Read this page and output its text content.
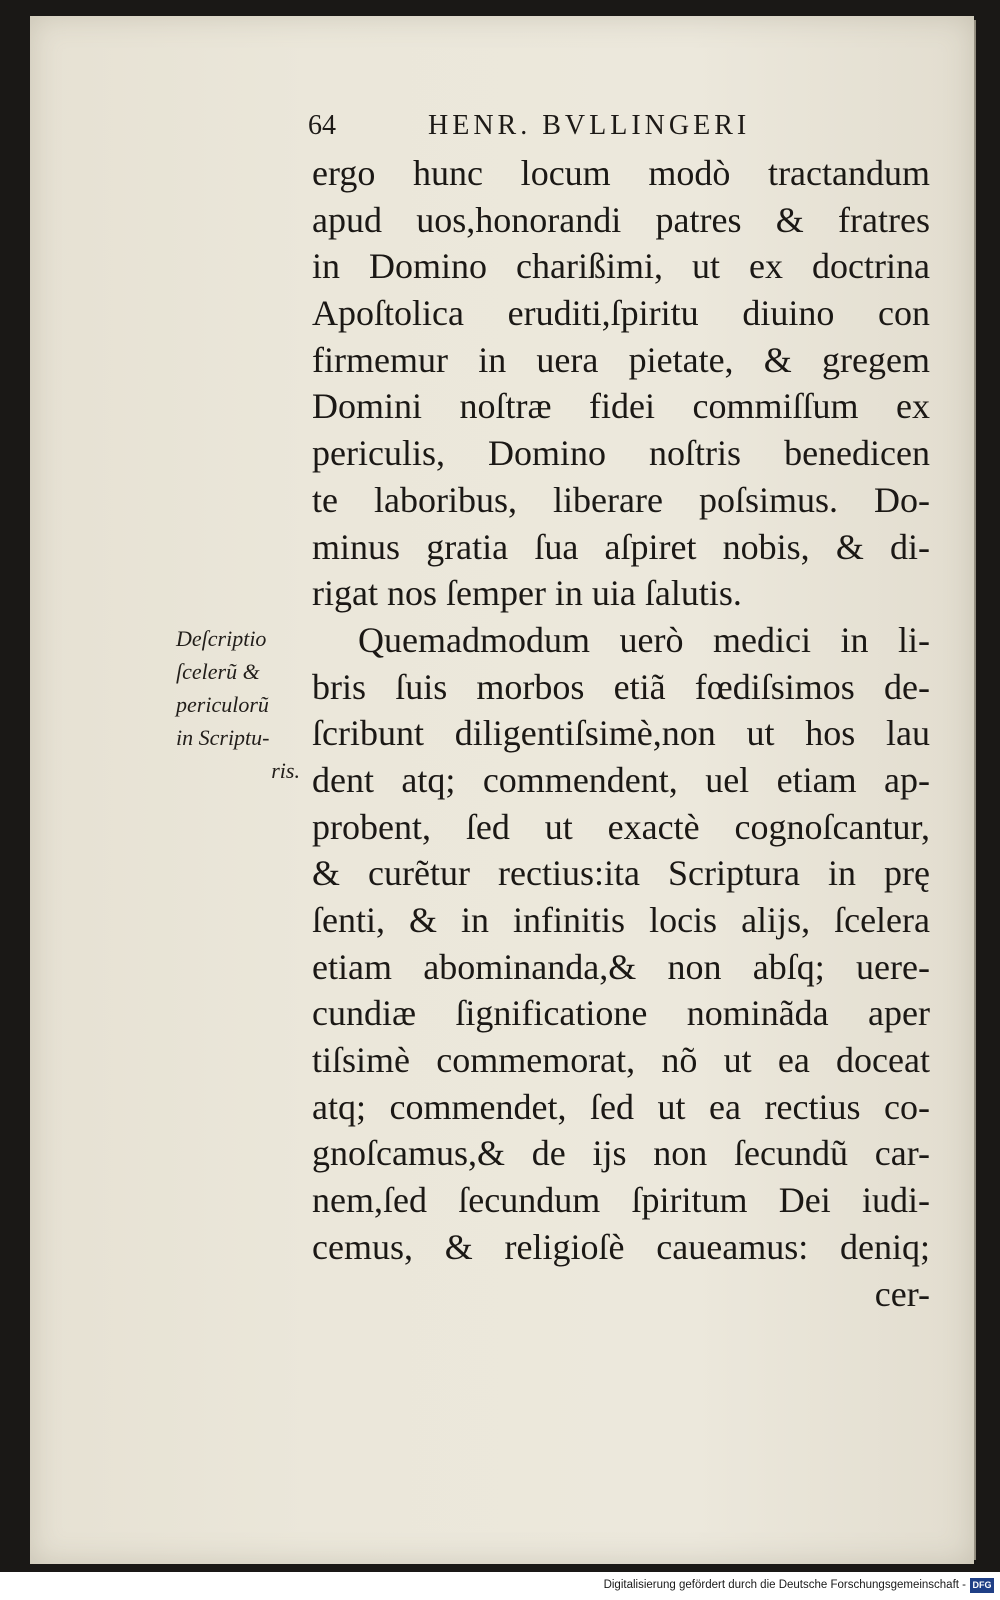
64	HENR. BVLLINGERI
ergo hunc locum modò tractandum
apud uos,honorandi patres & fratres
in Domino charißimi, ut ex doctrina
Apoſtolica eruditi,ſpiritu diuino con
firmemur in uera pietate, & gregem
Domini noſtræ fidei commiſſum ex
periculis, Domino noſtris benedicen
te laboribus, liberare poſsimus. Do-
minus gratia ſua aſpiret nobis, & di-
rigat nos ſemper in uia ſalutis.
Quemadmodum uerò medici in li-
bris ſuis morbos etiã fœdiſsimos de-
ſcribunt diligentiſsimè,non ut hos lau
dent atq; commendent, uel etiam ap-
probent, ſed ut exactè cognoſcantur,
& curẽtur rectius:ita Scriptura in prę
ſenti, & in infinitis locis alijs, ſcelera
etiam abominanda,& non abſq; uere-
cundiæ ſignificatione nominãda aper
tiſsimè commemorat, nõ ut ea doceat
atq; commendet, ſed ut ea rectius co-
gnoſcamus,& de ijs non ſecundũ car-
nem,ſed ſecundum ſpiritum Dei iudi-
cemus, & religioſè caueamus: deniq;
cer-
Deſcriptio
ſcelerũ &
periculorũ
in Scriptu-
ris.
Digitalisierung gefördert durch die Deutsche Forschungsgemeinschaft - DFG
